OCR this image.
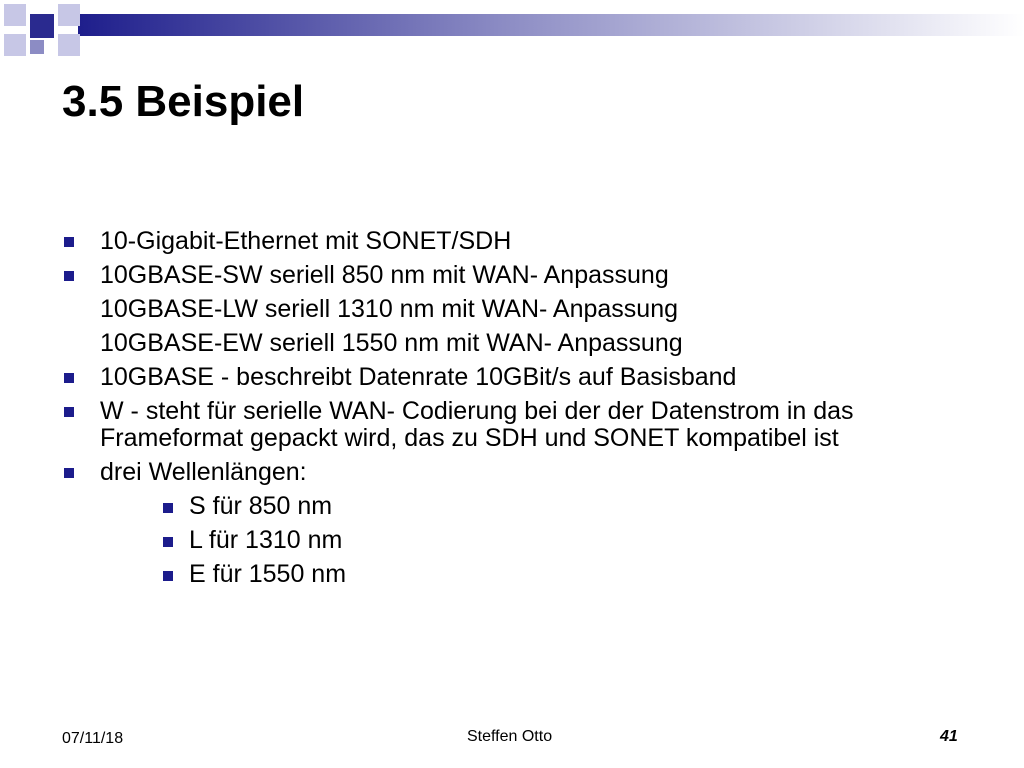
3.5 Beispiel
10-Gigabit-Ethernet mit SONET/SDH
10GBASE-SW seriell 850 nm mit WAN- Anpassung
10GBASE-LW seriell 1310 nm mit WAN- Anpassung
10GBASE-EW seriell 1550 nm mit WAN- Anpassung
10GBASE - beschreibt Datenrate 10GBit/s auf Basisband
W - steht für serielle WAN- Codierung bei der der Datenstrom in das
Frameformat gepackt wird, das zu SDH und SONET kompatibel ist
drei Wellenlängen:
S für 850 nm
L für 1310 nm
E für 1550 nm
07/11/18	Steffen Otto	41
